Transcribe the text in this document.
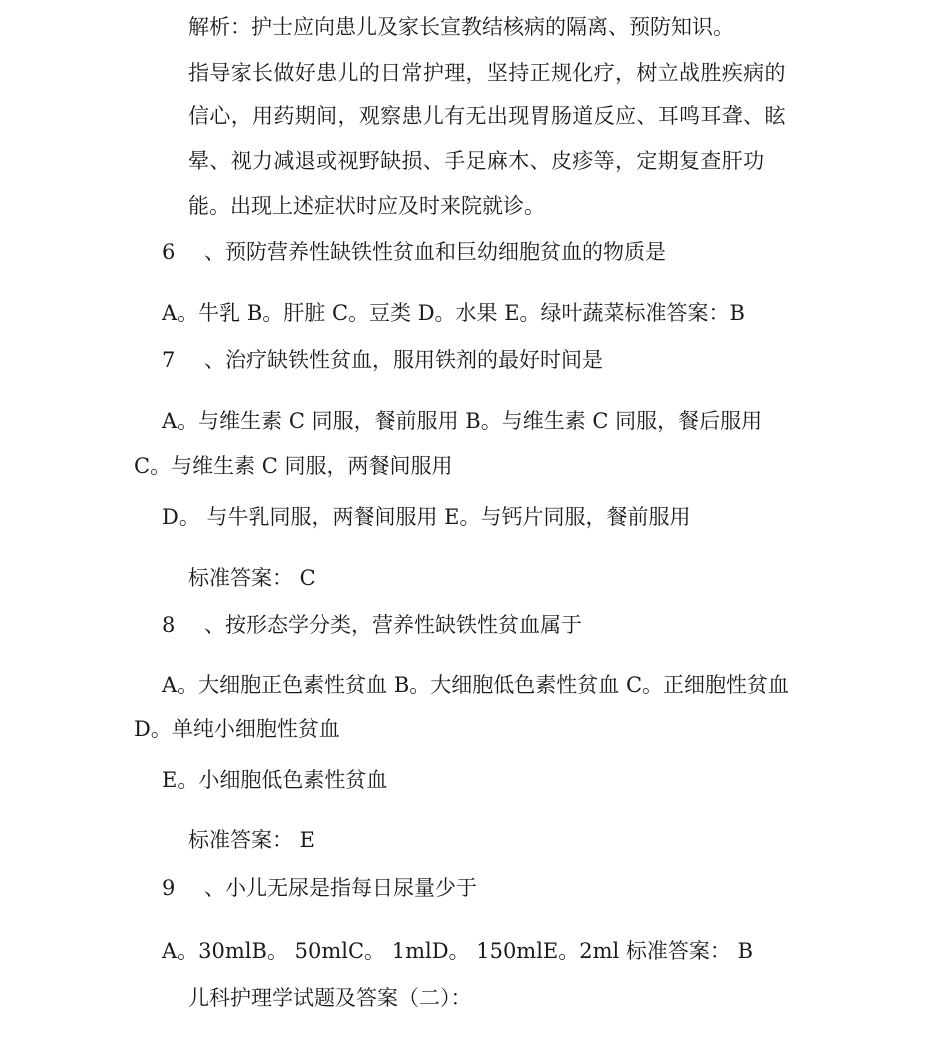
解析：护士应向患儿及家长宣教结核病的隔离、预防知识。
指导家长做好患儿的日常护理，坚持正规化疗，树立战胜疾病的
信心，用药期间，观察患儿有无出现胃肠道反应、耳鸣耳聋、眩
晕、视力减退或视野缺损、手足麻木、皮疹等，定期复查肝功
能。出现上述症状时应及时来院就诊。
6 、预防营养性缺铁性贫血和巨幼细胞贫血的物质是
A。牛乳 B。肝脏 C。豆类 D。水果 E。绿叶蔬菜标准答案：B
7 、治疗缺铁性贫血，服用铁剂的最好时间是
A。与维生素 C 同服，餐前服用 B。与维生素 C 同服，餐后服用
C。与维生素 C 同服，两餐间服用
D。 与牛乳同服，两餐间服用 E。与钙片同服，餐前服用
标准答案： C
8 、按形态学分类，营养性缺铁性贫血属于
A。大细胞正色素性贫血 B。大细胞低色素性贫血 C。正细胞性贫血
D。单纯小细胞性贫血
E。小细胞低色素性贫血
标准答案： E
9 、小儿无尿是指每日尿量少于
A。30mlB。 50mlC。 1mlD。 150mlE。2ml 标准答案： B
儿科护理学试题及答案（二）：
